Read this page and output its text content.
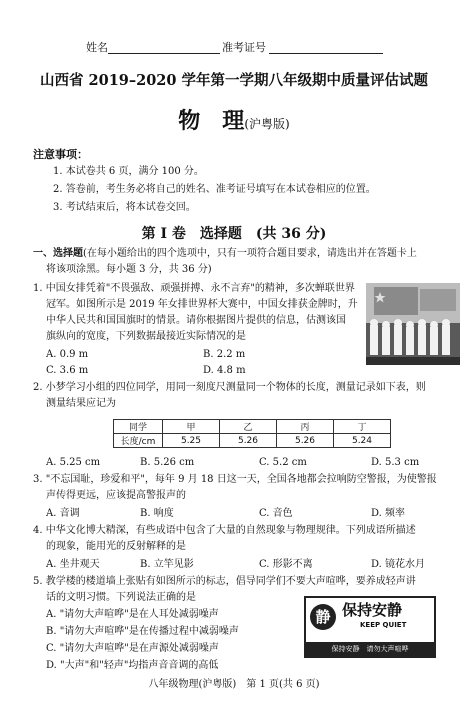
姓名	准考证号
山西省 2019–2020 学年第一学期八年级期中质量评估试题
物　理(沪粤版)
注意事项：
1. 本试卷共 6 页，满分 100 分。
2. 答卷前，考生务必将自己的姓名、准考证号填写在本试卷相应的位置。
3. 考试结束后，将本试卷交回。
第 I 卷　选择题　(共 36 分)
一、选择题(在每小题给出的四个选项中，只有一项符合题目要求，请选出并在答题卡上
将该项涂黑。每小题 3 分，共 36 分)
1. 中国女排凭着"不畏强敌、顽强拼搏、永不言弃"的精神，多次蝉联世界
冠军。如图所示是 2019 年女排世界杯大赛中，中国女排获金牌时，升
中华人民共和国国旗时的情景。请你根据图片提供的信息，估测该国
旗纵向的宽度，下列数据最接近实际情况的是
A. 0.9 m	B. 2.2 m
C. 3.6 m	D. 4.8 m
2. 小梦学习小组的四位同学，用同一刻度尺测量同一个物体的长度，测量记录如下表，则
测量结果应记为
同学	甲	乙	丙	丁
长度/cm	5.25	5.26	5.26	5.24
A. 5.25 cm	B. 5.26 cm	C. 5.2 cm	D. 5.3 cm
3. "不忘国耻，珍爱和平"，每年 9 月 18 日这一天，全国各地都会拉响防空警报，为使警报
声传得更远，应该提高警报声的
A. 音调	B. 响度	C. 音色	D. 频率
4. 中华文化博大精深，有些成语中包含了大量的自然现象与物理规律。下列成语所描述
的现象，能用光的反射解释的是
A. 坐井观天	B. 立竿见影	C. 形影不离	D. 镜花水月
5. 教学楼的楼道墙上张贴有如图所示的标志，倡导同学们不要大声喧哗，要养成轻声讲
话的文明习惯。下列说法正确的是
A. "请勿大声喧哗"是在人耳处减弱噪声
B. "请勿大声喧哗"是在传播过程中减弱噪声
C. "请勿大声喧哗"是在声源处减弱噪声
D. "大声"和"轻声"均指声音音调的高低
静 保持安静
KEEP QUIET
保持安静　请勿大声喧哗
八年级物理(沪粤版)　第 1 页(共 6 页)
